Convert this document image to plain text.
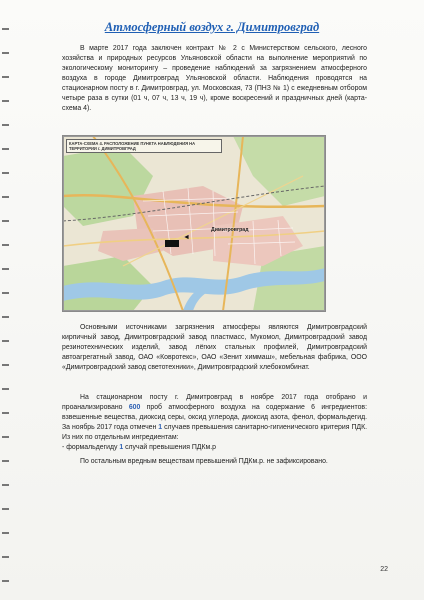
Атмосферный воздух г. Димитровград
В марте 2017 года заключен контракт № 2 с Министерством сельского, лесного хозяйства и природных ресурсов Ульяновской области на выполнение мероприятий по экологическому мониторингу – проведение наблюдений за загрязнением атмосферного воздуха в городе Димитровград Ульяновской области. Наблюдения проводятся на стационарном посту в г. Димитровград, ул. Московская, 73 (ПНЗ № 1) с ежедневным отбором четыре раза в сутки (01 ч, 07 ч, 13 ч, 19 ч), кроме воскресений и праздничных дней (карта-схема 4).
КАРТА-СХЕМА 4. РАСПОЛОЖЕНИЕ ПУНКТА НАБЛЮДЕНИЯ НА ТЕРРИТОРИИ г. ДИМИТРОВГРАД
Димитровград
◄
Основными источниками загрязнения атмосферы являются Димитровградский кирпичный завод, Димитровградский завод пластмасс, Мукомол, Димитровградский завод резинотехнических изделий, завод лёгких стальных профилей, Димитровградский автоагрегатный завод, ОАО «Ковротекс», ОАО «Зенит химмаш», мебельная фабрика, ООО «Димитровградский завод светотехники», Димитровградский хлебокомбинат.
На стационарном посту г. Димитровград в ноябре 2017 года отобрано и проанализировано 600 проб атмосферного воздуха на содержание 6 ингредиентов: взвешенные вещества, диоксид серы, оксид углерода, диоксид азота, фенол, формальдегид. За ноябрь 2017 года отмечен 1 случаев превышения санитарно-гигиенического критерия ПДК. Из них по отдельным ингредиентам:
- формальдегиду 1 случай превышения ПДКм.р
По остальным вредным веществам превышений ПДКм.р. не зафиксировано.
22
